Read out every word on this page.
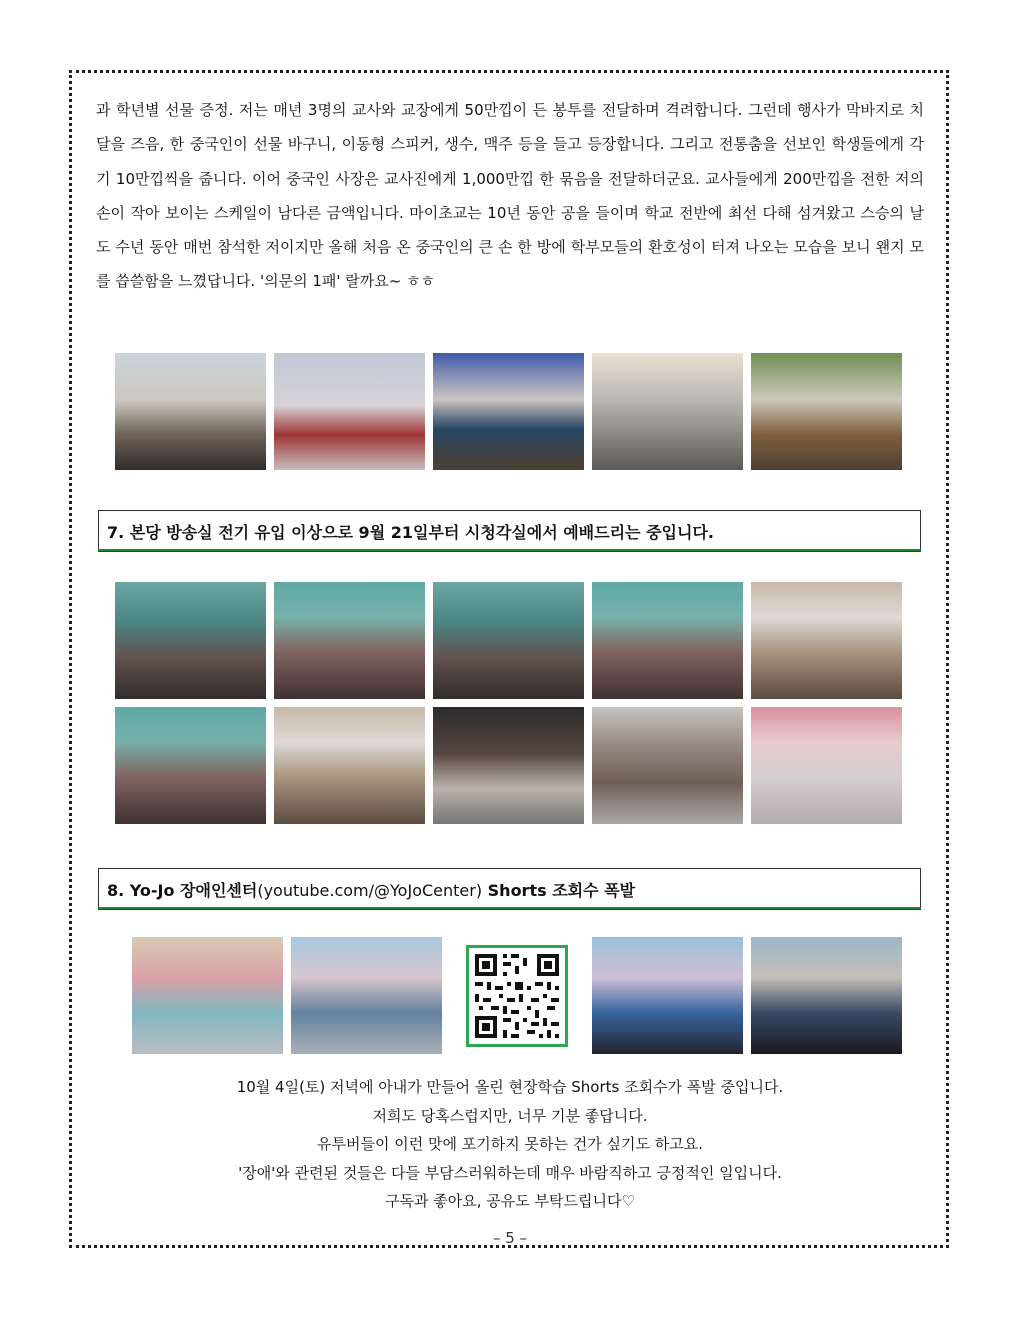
과 학년별 선물 증정. 저는 매년 3명의 교사와 교장에게 50만낍이 든 봉투를 전달하며 격려합니다. 그런데 행사가 막바지로 치달을 즈음, 한 중국인이 선물 바구니, 이동형 스피커, 생수, 맥주 등을 들고 등장합니다. 그리고 전통춤을 선보인 학생들에게 각기 10만낍씩을 줍니다. 이어 중국인 사장은 교사진에게 1,000만낍 한 묶음을 전달하더군요. 교사들에게 200만낍을 전한 저의 손이 작아 보이는 스케일이 남다른 금액입니다. 마이초교는 10년 동안 공을 들이며 학교 전반에 최선 다해 섬겨왔고 스승의 날도 수년 동안 매번 참석한 저이지만 올해 처음 온 중국인의 큰 손 한 방에 학부모들의 환호성이 터져 나오는 모습을 보니 왠지 모를 씁쓸함을 느꼈답니다. '의문의 1패' 랄까요~ ㅎㅎ

7. 본당 방송실 전기 유입 이상으로 9월 21일부터 시청각실에서 예배드리는 중입니다.
8. Yo-Jo 장애인센터(youtube.com/@YoJoCenter) Shorts 조회수 폭발
10월 4일(토) 저녁에 아내가 만들어 올린 현장학습 Shorts 조회수가 폭발 중입니다.
저희도 당혹스럽지만, 너무 기분 좋답니다.
유투버들이 이런 맛에 포기하지 못하는 건가 싶기도 하고요.
'장애'와 관련된 것들은 다들 부담스러워하는데 매우 바람직하고 긍정적인 일입니다.
구독과 좋아요, 공유도 부탁드립니다♡
– 5 –
